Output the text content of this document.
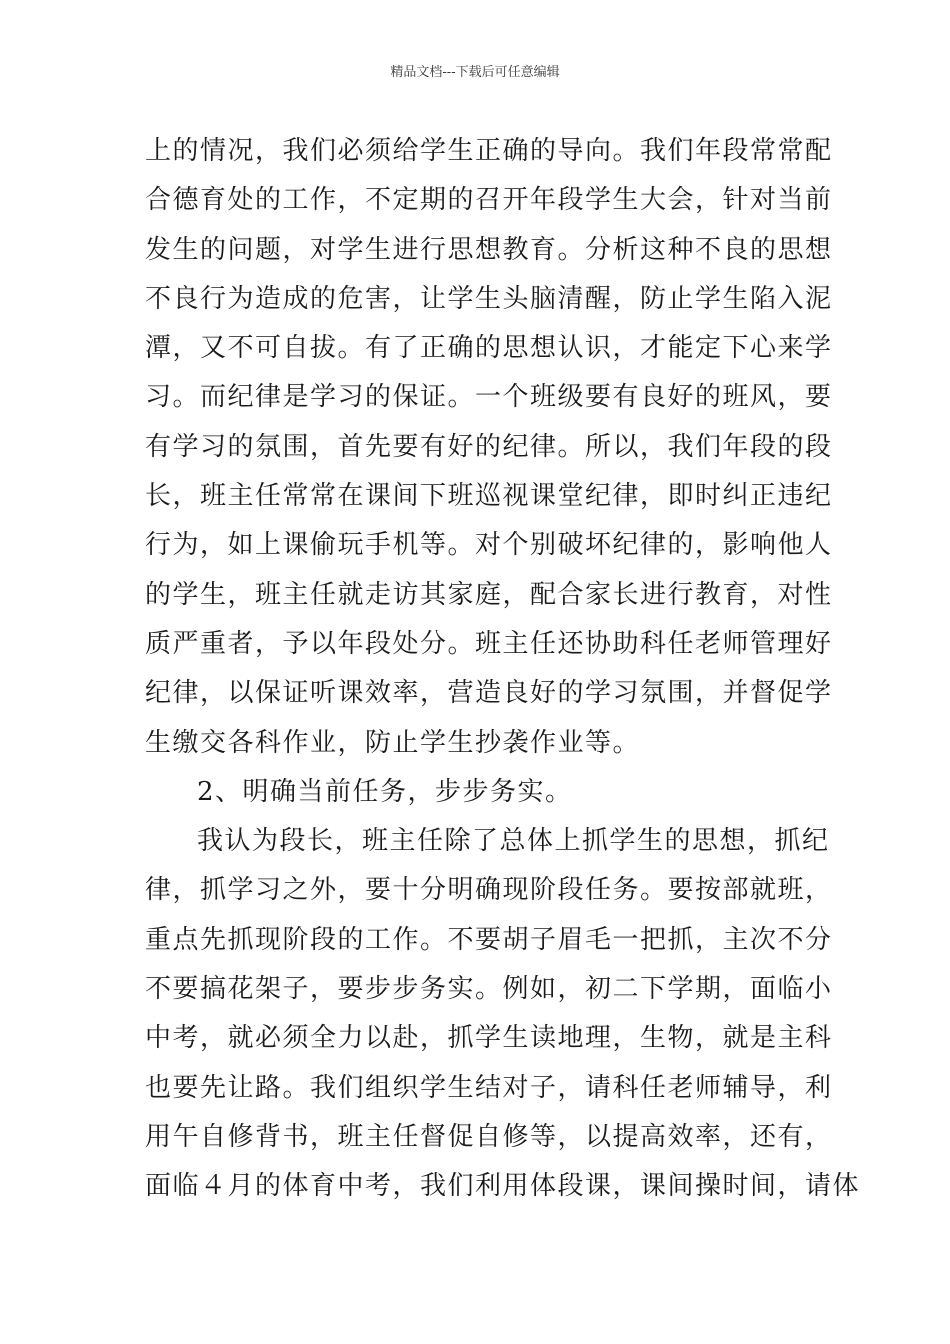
精品文档---下载后可任意编辑
上的情况，我们必须给学生正确的导向。我们年段常常配
合德育处的工作，不定期的召开年段学生大会，针对当前
发生的问题，对学生进行思想教育。分析这种不良的思想
不良行为造成的危害，让学生头脑清醒，防止学生陷入泥
潭，又不可自拔。有了正确的思想认识，才能定下心来学
习。而纪律是学习的保证。一个班级要有良好的班风，要
有学习的氛围，首先要有好的纪律。所以，我们年段的段
长，班主任常常在课间下班巡视课堂纪律，即时纠正违纪
行为，如上课偷玩手机等。对个别破坏纪律的，影响他人
的学生，班主任就走访其家庭，配合家长进行教育，对性
质严重者，予以年段处分。班主任还协助科任老师管理好
纪律，以保证听课效率，营造良好的学习氛围，并督促学
生缴交各科作业，防止学生抄袭作业等。
2、明确当前任务，步步务实。
我认为段长，班主任除了总体上抓学生的思想，抓纪
律，抓学习之外，要十分明确现阶段任务。要按部就班，
重点先抓现阶段的工作。不要胡子眉毛一把抓，主次不分
不要搞花架子，要步步务实。例如，初二下学期，面临小
中考，就必须全力以赴，抓学生读地理，生物，就是主科
也要先让路。我们组织学生结对子，请科任老师辅导，利
用午自修背书，班主任督促自修等，以提高效率，还有，
面临４月的体育中考，我们利用体段课，课间操时间，请体
